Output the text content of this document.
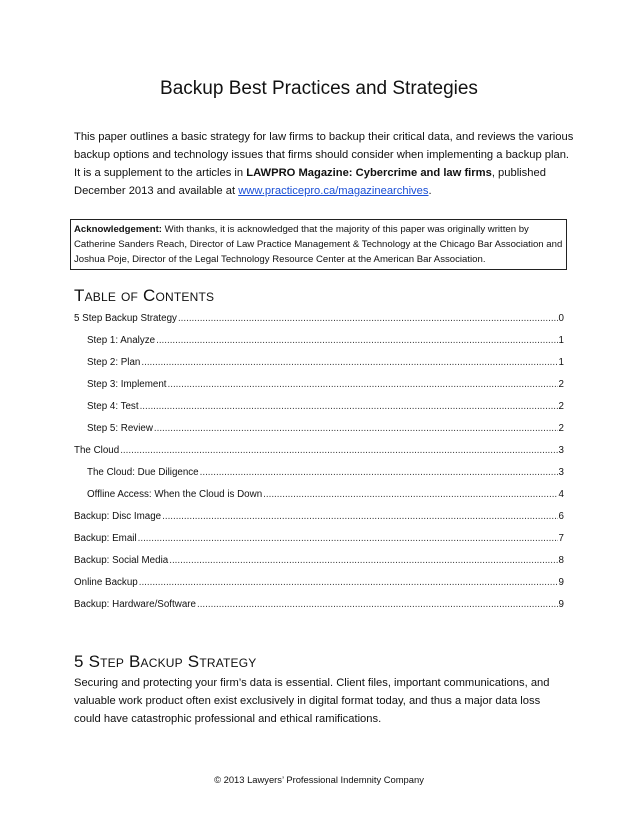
Backup Best Practices and Strategies

This paper outlines a basic strategy for law firms to backup their critical data, and reviews the various backup options and technology issues that firms should consider when implementing a backup plan. It is a supplement to the articles in LAWPRO Magazine: Cybercrime and law firms, published December 2013 and available at www.practicepro.ca/magazinearchives.

Acknowledgement: With thanks, it is acknowledged that the majority of this paper was originally written by Catherine Sanders Reach, Director of Law Practice Management & Technology at the Chicago Bar Association and Joshua Poje, Director of the Legal Technology Resource Center at the American Bar Association.

Table of Contents
5 Step Backup Strategy .....	0
Step 1: Analyze .....	1
Step 2: Plan .....	1
Step 3: Implement .....	2
Step 4: Test .....	2
Step 5: Review .....	2
The Cloud .....	3
The Cloud: Due Diligence .....	3
Offline Access: When the Cloud is Down .....	4
Backup: Disc Image .....	6
Backup: Email .....	7
Backup: Social Media .....	8
Online Backup .....	9
Backup: Hardware/Software .....	9
5 Step Backup Strategy

Securing and protecting your firm’s data is essential. Client files, important communications, and valuable work product often exist exclusively in digital format today, and thus a major data loss could have catastrophic professional and ethical ramifications.

© 2013 Lawyers’ Professional Indemnity Company
